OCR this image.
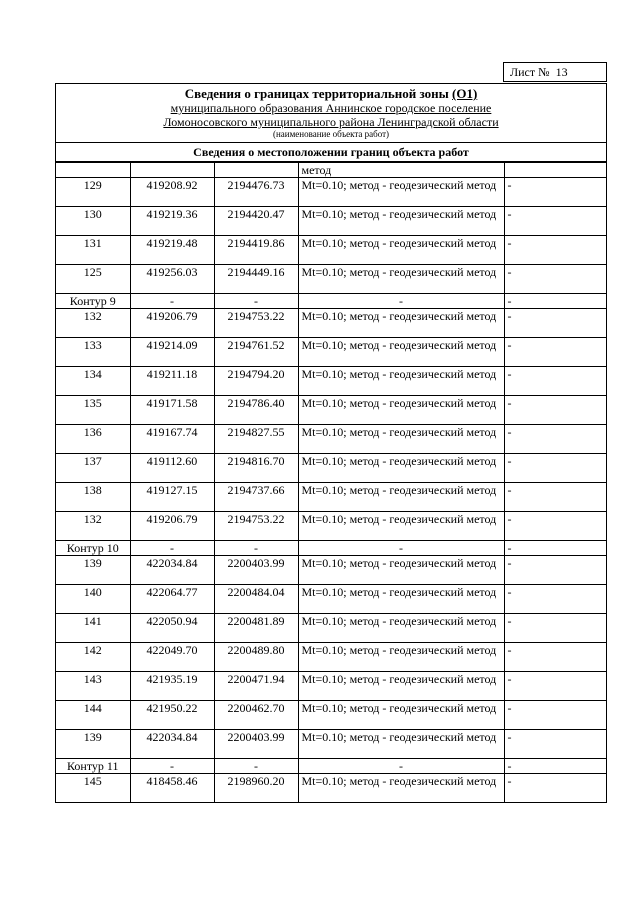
Лист № 13
Сведения о границах территориальной зоны (О1)
муниципального образования Аннинское городское поселение
Ломоносовского муниципального района Ленинградской области
(наименование объекта работ)
Сведения о местоположении границ объекта работ
			метод	
129	419208.92	2194476.73	Mt=0.10; метод - геодезический метод	-
130	419219.36	2194420.47	Mt=0.10; метод - геодезический метод	-
131	419219.48	2194419.86	Mt=0.10; метод - геодезический метод	-
125	419256.03	2194449.16	Mt=0.10; метод - геодезический метод	-
Контур 9	-	-	-	-
132	419206.79	2194753.22	Mt=0.10; метод - геодезический метод	-
133	419214.09	2194761.52	Mt=0.10; метод - геодезический метод	-
134	419211.18	2194794.20	Mt=0.10; метод - геодезический метод	-
135	419171.58	2194786.40	Mt=0.10; метод - геодезический метод	-
136	419167.74	2194827.55	Mt=0.10; метод - геодезический метод	-
137	419112.60	2194816.70	Mt=0.10; метод - геодезический метод	-
138	419127.15	2194737.66	Mt=0.10; метод - геодезический метод	-
132	419206.79	2194753.22	Mt=0.10; метод - геодезический метод	-
Контур 10	-	-	-	-
139	422034.84	2200403.99	Mt=0.10; метод - геодезический метод	-
140	422064.77	2200484.04	Mt=0.10; метод - геодезический метод	-
141	422050.94	2200481.89	Mt=0.10; метод - геодезический метод	-
142	422049.70	2200489.80	Mt=0.10; метод - геодезический метод	-
143	421935.19	2200471.94	Mt=0.10; метод - геодезический метод	-
144	421950.22	2200462.70	Mt=0.10; метод - геодезический метод	-
139	422034.84	2200403.99	Mt=0.10; метод - геодезический метод	-
Контур 11	-	-	-	-
145	418458.46	2198960.20	Mt=0.10; метод - геодезический метод	-
